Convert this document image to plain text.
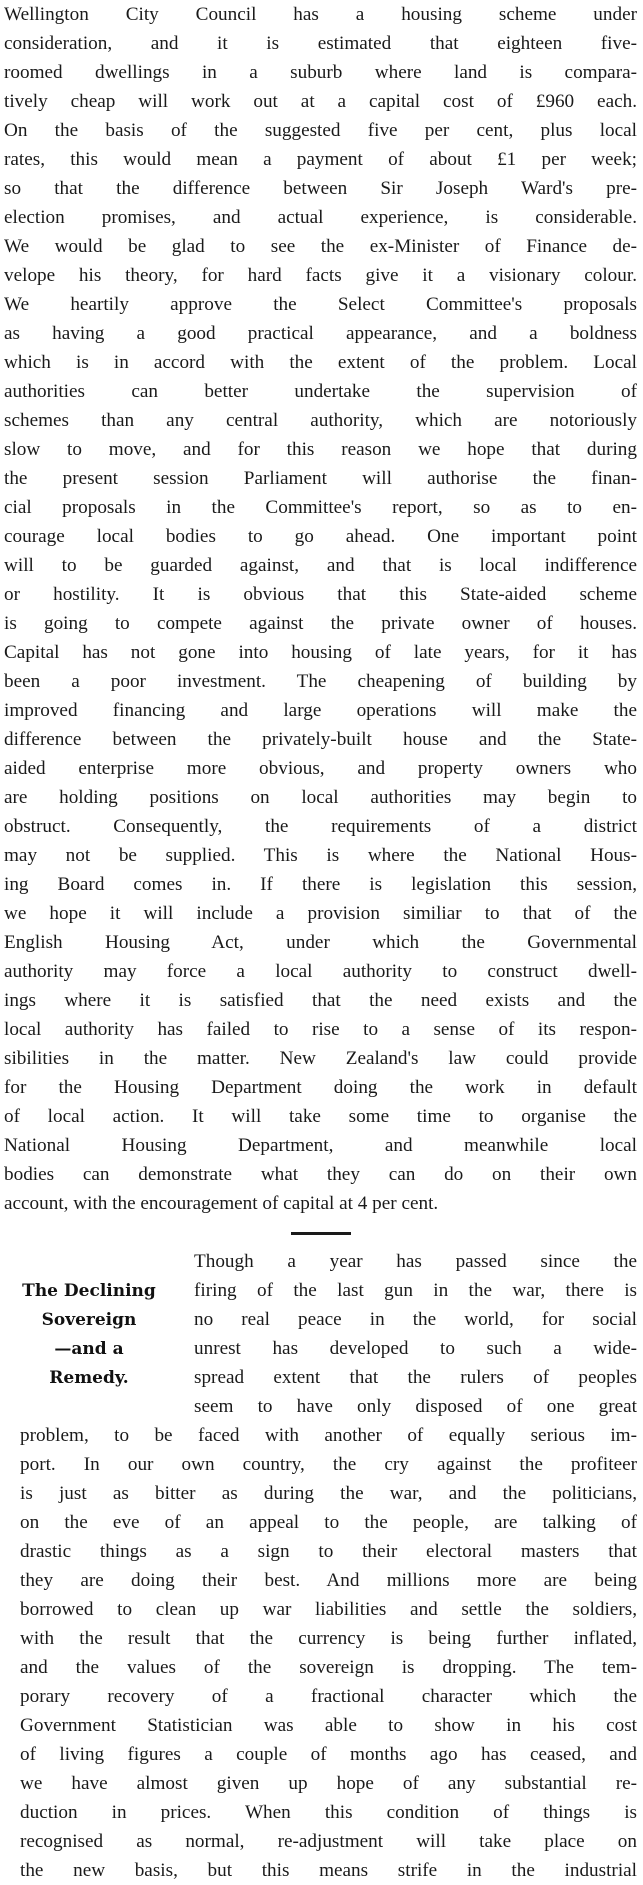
Wellington City Council has a housing scheme under
consideration, and it is estimated that eighteen five-
roomed dwellings in a suburb where land is compara-
tively cheap will work out at a capital cost of £960 each.
On the basis of the suggested five per cent, plus local
rates, this would mean a payment of about £1 per week;
so that the difference between Sir Joseph Ward's pre-
election promises, and actual experience, is considerable.
We would be glad to see the ex-Minister of Finance de-
velope his theory, for hard facts give it a visionary colour.
We heartily approve the Select Committee's proposals
as having a good practical appearance, and a boldness
which is in accord with the extent of the problem. Local
authorities can better undertake the supervision of
schemes than any central authority, which are notoriously
slow to move, and for this reason we hope that during
the present session Parliament will authorise the finan-
cial proposals in the Committee's report, so as to en-
courage local bodies to go ahead. One important point
will to be guarded against, and that is local indifference
or hostility. It is obvious that this State-aided scheme
is going to compete against the private owner of houses.
Capital has not gone into housing of late years, for it has
been a poor investment. The cheapening of building by
improved financing and large operations will make the
difference between the privately-built house and the State-
aided enterprise more obvious, and property owners who
are holding positions on local authorities may begin to
obstruct. Consequently, the requirements of a district
may not be supplied. This is where the National Hous-
ing Board comes in. If there is legislation this session,
we hope it will include a provision similiar to that of the
English Housing Act, under which the Governmental
authority may force a local authority to construct dwell-
ings where it is satisfied that the need exists and the
local authority has failed to rise to a sense of its respon-
sibilities in the matter. New Zealand's law could provide
for the Housing Department doing the work in default
of local action. It will take some time to organise the
National Housing Department, and meanwhile local
bodies can demonstrate what they can do on their own
account, with the encouragement of capital at 4 per cent.
The Declining
Sovereign
—and a
Remedy.
Though a year has passed since the
firing of the last gun in the war, there is
no real peace in the world, for social
unrest has developed to such a wide-
spread extent that the rulers of peoples
seem to have only disposed of one great
problem, to be faced with another of equally serious im-
port. In our own country, the cry against the profiteer
is just as bitter as during the war, and the politicians,
on the eve of an appeal to the people, are talking of
drastic things as a sign to their electoral masters that
they are doing their best. And millions more are being
borrowed to clean up war liabilities and settle the soldiers,
with the result that the currency is being further inflated,
and the values of the sovereign is dropping. The tem-
porary recovery of a fractional character which the
Government Statistician was able to show in his cost
of living figures a couple of months ago has ceased, and
we have almost given up hope of any substantial re-
duction in prices. When this condition of things is
recognised as normal, re-adjustment will take place on
the new basis, but this means strife in the industrial
